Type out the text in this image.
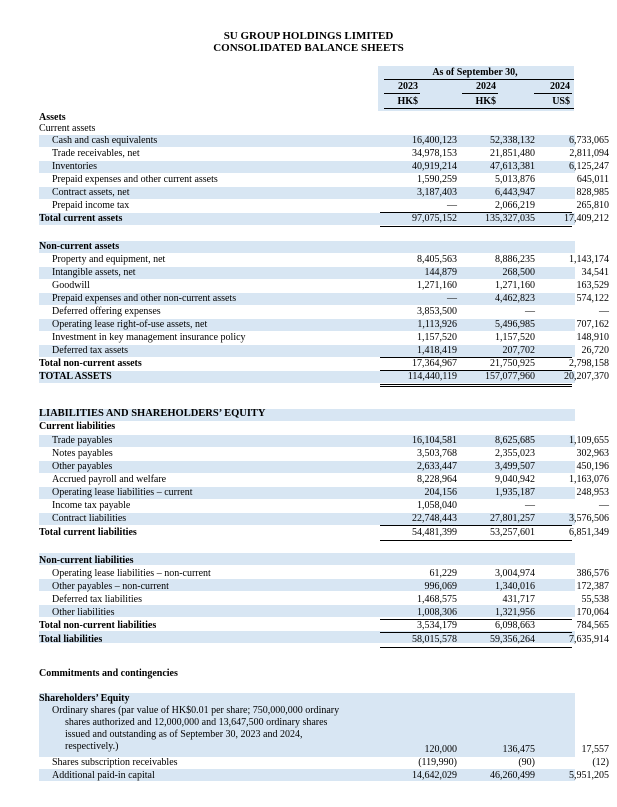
SU GROUP HOLDINGS LIMITED
CONSOLIDATED BALANCE SHEETS
As of September 30,
2023	2024	2024
HK$	HK$	US$
Assets
Current assets
Cash and cash equivalents	16,400,123	52,338,132	6,733,065
Trade receivables, net	34,978,153	21,851,480	2,811,094
Inventories	40,919,214	47,613,381	6,125,247
Prepaid expenses and other current assets	1,590,259	5,013,876	645,011
Contract assets, net	3,187,403	6,443,947	828,985
Prepaid income tax	—	2,066,219	265,810
Total current assets	97,075,152	135,327,035	17,409,212
Non-current assets
Property and equipment, net	8,405,563	8,886,235	1,143,174
Intangible assets, net	144,879	268,500	34,541
Goodwill	1,271,160	1,271,160	163,529
Prepaid expenses and other non-current assets	—	4,462,823	574,122
Deferred offering expenses	3,853,500	—	—
Operating lease right-of-use assets, net	1,113,926	5,496,985	707,162
Investment in key management insurance policy	1,157,520	1,157,520	148,910
Deferred tax assets	1,418,419	207,702	26,720
Total non-current assets	17,364,967	21,750,925	2,798,158
TOTAL ASSETS	114,440,119	157,077,960	20,207,370
LIABILITIES AND SHAREHOLDERS’ EQUITY
Current liabilities
Trade payables	16,104,581	8,625,685	1,109,655
Notes payables	3,503,768	2,355,023	302,963
Other payables	2,633,447	3,499,507	450,196
Accrued payroll and welfare	8,228,964	9,040,942	1,163,076
Operating lease liabilities – current	204,156	1,935,187	248,953
Income tax payable	1,058,040	—	—
Contract liabilities	22,748,443	27,801,257	3,576,506
Total current liabilities	54,481,399	53,257,601	6,851,349
Non-current liabilities
Operating lease liabilities – non-current	61,229	3,004,974	386,576
Other payables – non-current	996,069	1,340,016	172,387
Deferred tax liabilities	1,468,575	431,717	55,538
Other liabilities	1,008,306	1,321,956	170,064
Total non-current liabilities	3,534,179	6,098,663	784,565
Total liabilities	58,015,578	59,356,264	7,635,914
Commitments and contingencies
Shareholders’ Equity
Ordinary shares (par value of HK$0.01 per share; 750,000,000 ordinary
shares authorized and 12,000,000 and 13,647,500 ordinary shares
issued and outstanding as of September 30, 2023 and 2024,
respectively.)	120,000	136,475	17,557
Shares subscription receivables	(119,990)	(90)	(12)
Additional paid-in capital	14,642,029	46,260,499	5,951,205
